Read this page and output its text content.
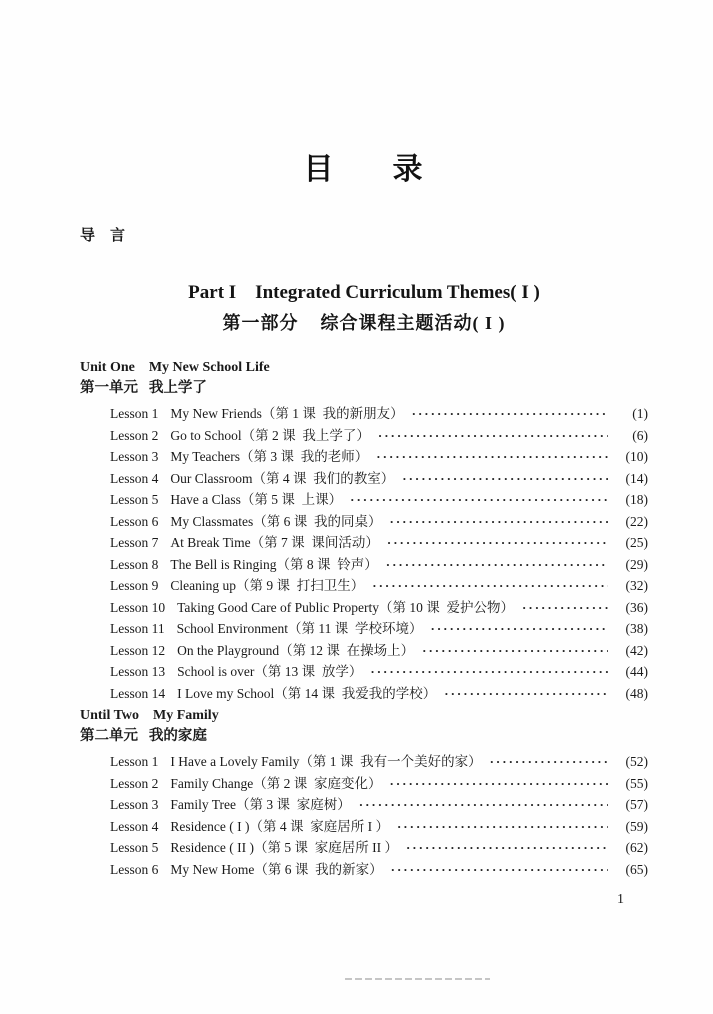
目      录
导    言
Part I    Integrated Curriculum Themes( I )
第一部分    综合课程主题活动( I )
Unit One    My New School Life
第一单元   我上学了
Lesson 1 My New Friends（第 1 课  我的新朋友） ·····	(1)
Lesson 2 Go to School（第 2 课  我上学了） ·····	(6)
Lesson 3 My Teachers（第 3 课  我的老师） ·····	(10)
Lesson 4 Our Classroom（第 4 课  我们的教室） ·····	(14)
Lesson 5 Have a Class（第 5 课  上课） ·····	(18)
Lesson 6 My Classmates（第 6 课  我的同桌） ·····	(22)
Lesson 7 At Break Time（第 7 课  课间活动） ·····	(25)
Lesson 8 The Bell is Ringing（第 8 课  铃声） ·····	(29)
Lesson 9 Cleaning up（第 9 课  打扫卫生） ·····	(32)
Lesson 10 Taking Good Care of Public Property（第 10 课  爱护公物） ·····	(36)
Lesson 11 School Environment（第 11 课  学校环境） ·····	(38)
Lesson 12 On the Playground（第 12 课  在操场上） ·····	(42)
Lesson 13 School is over（第 13 课  放学） ·····	(44)
Lesson 14 I Love my School（第 14 课  我爱我的学校） ·····	(48)
Until Two    My Family
第二单元   我的家庭
Lesson 1 I Have a Lovely Family（第 1 课  我有一个美好的家） ·····	(52)
Lesson 2 Family Change（第 2 课  家庭变化） ·····	(55)
Lesson 3 Family Tree（第 3 课  家庭树） ·····	(57)
Lesson 4 Residence ( I )（第 4 课  家庭居所 I ） ·····	(59)
Lesson 5 Residence ( II )（第 5 课  家庭居所 II ） ·····	(62)
Lesson 6 My New Home（第 6 课  我的新家） ·····	(65)
1
